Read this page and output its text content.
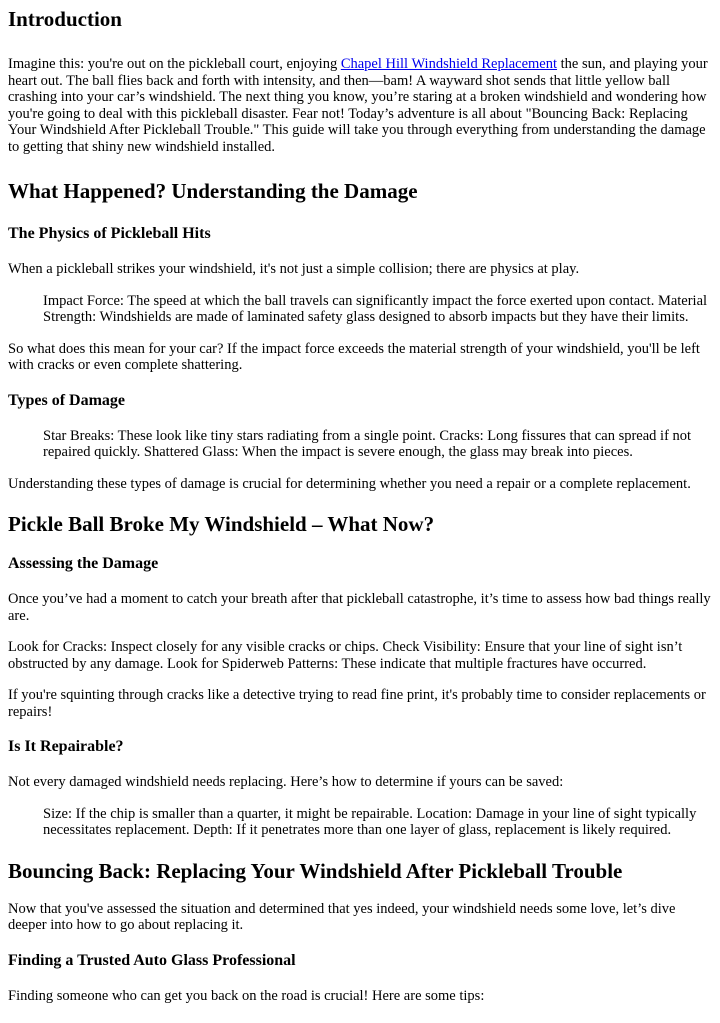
Introduction

Imagine this: you're out on the pickleball court, enjoying Chapel Hill Windshield Replacement the sun, and playing your heart out. The ball flies back and forth with intensity, and then—bam! A wayward shot sends that little yellow ball crashing into your car’s windshield. The next thing you know, you’re staring at a broken windshield and wondering how you're going to deal with this pickleball disaster. Fear not! Today’s adventure is all about "Bouncing Back: Replacing Your Windshield After Pickleball Trouble." This guide will take you through everything from understanding the damage to getting that shiny new windshield installed.

What Happened? Understanding the Damage
The Physics of Pickleball Hits

When a pickleball strikes your windshield, it's not just a simple collision; there are physics at play.

Impact Force: The speed at which the ball travels can significantly impact the force exerted upon contact. Material Strength: Windshields are made of laminated safety glass designed to absorb impacts but they have their limits.

So what does this mean for your car? If the impact force exceeds the material strength of your windshield, you'll be left with cracks or even complete shattering.

Types of Damage
Star Breaks: These look like tiny stars radiating from a single point. Cracks: Long fissures that can spread if not repaired quickly. Shattered Glass: When the impact is severe enough, the glass may break into pieces.

Understanding these types of damage is crucial for determining whether you need a repair or a complete replacement.

Pickle Ball Broke My Windshield – What Now?
Assessing the Damage

Once you’ve had a moment to catch your breath after that pickleball catastrophe, it’s time to assess how bad things really are.

Look for Cracks: Inspect closely for any visible cracks or chips. Check Visibility: Ensure that your line of sight isn’t obstructed by any damage. Look for Spiderweb Patterns: These indicate that multiple fractures have occurred.

If you're squinting through cracks like a detective trying to read fine print, it's probably time to consider replacements or repairs!

Is It Repairable?

Not every damaged windshield needs replacing. Here’s how to determine if yours can be saved:

Size: If the chip is smaller than a quarter, it might be repairable. Location: Damage in your line of sight typically necessitates replacement. Depth: If it penetrates more than one layer of glass, replacement is likely required.
Bouncing Back: Replacing Your Windshield After Pickleball Trouble

Now that you've assessed the situation and determined that yes indeed, your windshield needs some love, let’s dive deeper into how to go about replacing it.

Finding a Trusted Auto Glass Professional

Finding someone who can get you back on the road is crucial! Here are some tips:
